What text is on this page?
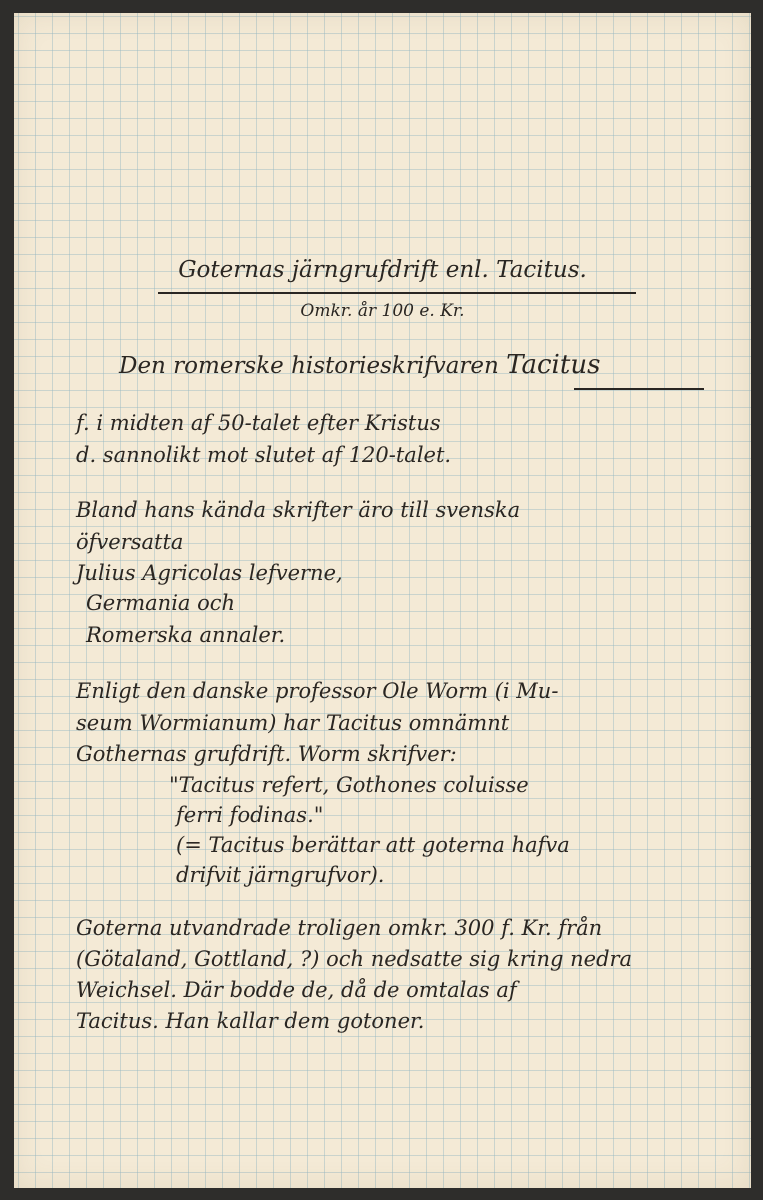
Goternas järngrufdrift enl. Tacitus.
Omkr. år 100 e. Kr.
Den romerske historieskrifvaren Tacitus
f. i midten af 50-talet efter Kristus
d. sannolikt mot slutet af 120-talet.
Bland hans kända skrifter äro till svenska
öfversatta
Julius Agricolas lefverne,
Germania och
Romerska annaler.
Enligt den danske professor Ole Worm (i Mu-
seum Wormianum) har Tacitus omnämnt
Gothernas grufdrift. Worm skrifver:
"Tacitus refert, Gothones coluisse
ferri fodinas."
(= Tacitus berättar att goterna hafva
drifvit järngrufvor).
Goterna utvandrade troligen omkr. 300 f. Kr. från
(Götaland, Gottland, ?) och nedsatte sig kring nedra
Weichsel. Där bodde de, då de omtalas af
Tacitus. Han kallar dem gotoner.
